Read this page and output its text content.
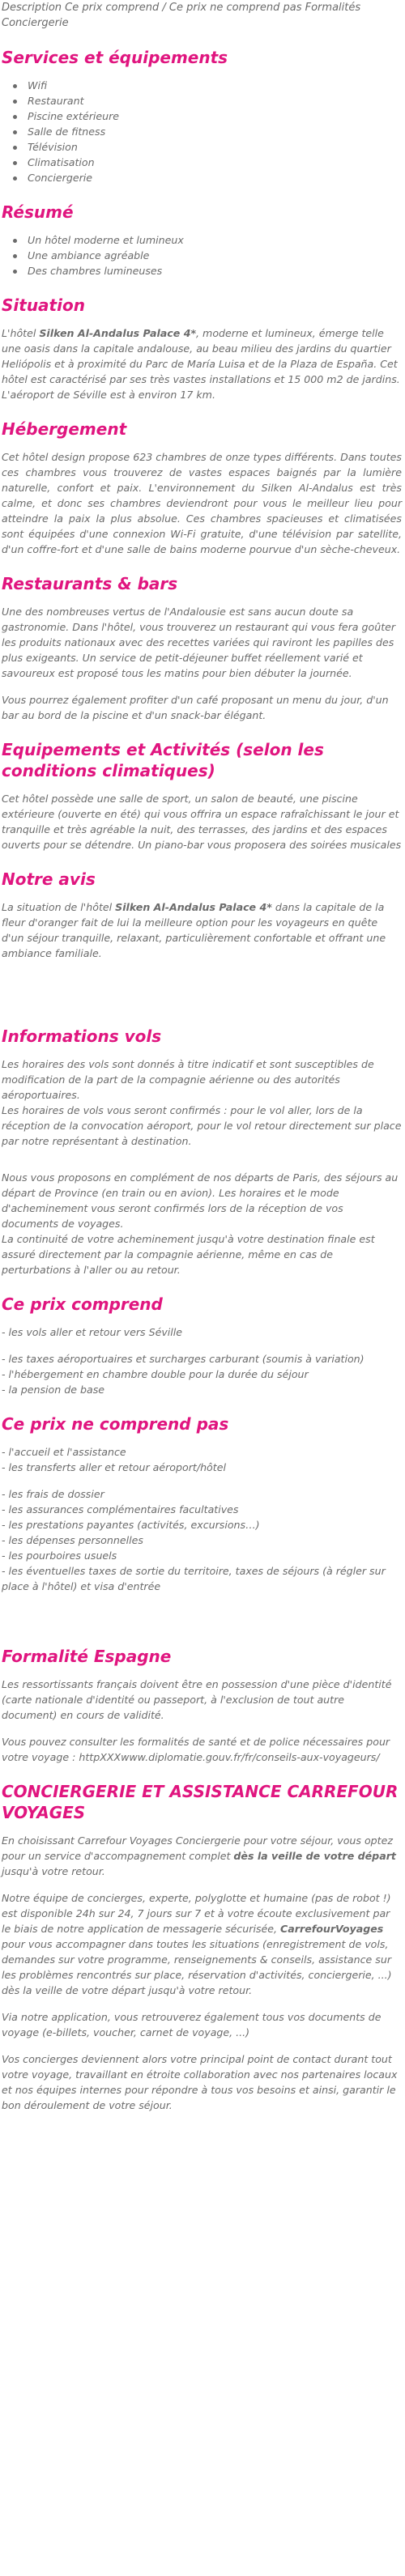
Description Ce prix comprend / Ce prix ne comprend pas Formalités Conciergerie

Services et équipements
Wifi
Restaurant
Piscine extérieure
Salle de fitness
Télévision
Climatisation
Conciergerie
Résumé
Un hôtel moderne et lumineux
Une ambiance agréable
Des chambres lumineuses
Situation

L'hôtel Silken Al-Andalus Palace 4*, moderne et lumineux, émerge telle une oasis dans la capitale andalouse, au beau milieu des jardins du quartier Heliópolis et à proximité du Parc de María Luisa et de la Plaza de España. Cet hôtel est caractérisé par ses très vastes installations et 15 000 m2 de jardins. L'aéroport de Séville est à environ 17 km.

Hébergement

Cet hôtel design propose 623 chambres de onze types différents. Dans toutes ces chambres vous trouverez de vastes espaces baignés par la lumière naturelle, confort et paix. L'environnement du Silken Al-Andalus est très calme, et donc ses chambres deviendront pour vous le meilleur lieu pour atteindre la paix la plus absolue. Ces chambres spacieuses et climatisées sont équipées d'une connexion Wi-Fi gratuite, d'une télévision par satellite, d'un coffre-fort et d'une salle de bains moderne pourvue d'un sèche-cheveux.

Restaurants & bars

Une des nombreuses vertus de l'Andalousie est sans aucun doute sa gastronomie. Dans l'hôtel, vous trouverez un restaurant qui vous fera goûter les produits nationaux avec des recettes variées qui raviront les papilles des plus exigeants. Un service de petit-déjeuner buffet réellement varié et savoureux est proposé tous les matins pour bien débuter la journée.

Vous pourrez également profiter d'un café proposant un menu du jour, d'un bar au bord de la piscine et d'un snack-bar élégant.

Equipements et Activités (selon les conditions climatiques)

Cet hôtel possède une salle de sport, un salon de beauté, une piscine extérieure (ouverte en été) qui vous offrira un espace rafraîchissant le jour et tranquille et très agréable la nuit, des terrasses, des jardins et des espaces ouverts pour se détendre. Un piano-bar vous proposera des soirées musicales

Notre avis

La situation de l'hôtel Silken Al-Andalus Palace 4* dans la capitale de la fleur d'oranger fait de lui la meilleure option pour les voyageurs en quête d'un séjour tranquille, relaxant, particulièrement confortable et offrant une ambiance familiale.

Informations vols

Les horaires des vols sont donnés à titre indicatif et sont susceptibles de modification de la part de la compagnie aérienne ou des autorités aéroportuaires.

Les horaires de vols vous seront confirmés : pour le vol aller, lors de la réception de la convocation aéroport, pour le vol retour directement sur place par notre représentant à destination.

Nous vous proposons en complément de nos départs de Paris, des séjours au départ de Province (en train ou en avion). Les horaires et le mode d'acheminement vous seront confirmés lors de la réception de vos documents de voyages.

La continuité de votre acheminement jusqu'à votre destination finale est assuré directement par la compagnie aérienne, même en cas de perturbations à l'aller ou au retour.

Ce prix comprend
- les vols aller et retour vers Séville
- les taxes aéroportuaires et surcharges carburant (soumis à variation)
- l'hébergement en chambre double pour la durée du séjour
- la pension de base
Ce prix ne comprend pas
- l'accueil et l'assistance
- les transferts aller et retour aéroport/hôtel
- les frais de dossier
- les assurances complémentaires facultatives
- les prestations payantes (activités, excursions…)
- les dépenses personnelles
- les pourboires usuels
- les éventuelles taxes de sortie du territoire, taxes de séjours (à régler sur place à l'hôtel) et visa d'entrée
Formalité Espagne

Les ressortissants français doivent être en possession d'une pièce d'identité (carte nationale d'identité ou passeport, à l'exclusion de tout autre document) en cours de validité.

Vous pouvez consulter les formalités de santé et de police nécessaires pour votre voyage : httpXXXwww.diplomatie.gouv.fr/fr/conseils-aux-voyageurs/

CONCIERGERIE ET ASSISTANCE CARREFOUR VOYAGES

En choisissant Carrefour Voyages Conciergerie pour votre séjour, vous optez pour un service d'accompagnement complet dès la veille de votre départ jusqu'à votre retour.

Notre équipe de concierges, experte, polyglotte et humaine (pas de robot !) est disponible 24h sur 24, 7 jours sur 7 et à votre écoute exclusivement par le biais de notre application de messagerie sécurisée, CarrefourVoyages pour vous accompagner dans toutes les situations (enregistrement de vols, demandes sur votre programme, renseignements & conseils, assistance sur les problèmes rencontrés sur place, réservation d'activités, conciergerie, ...) dès la veille de votre départ jusqu'à votre retour.

Via notre application, vous retrouverez également tous vos documents de voyage (e-billets, voucher, carnet de voyage, ...)

Vos concierges deviennent alors votre principal point de contact durant tout votre voyage, travaillant en étroite collaboration avec nos partenaires locaux et nos équipes internes pour répondre à tous vos besoins et ainsi, garantir le bon déroulement de votre séjour.
